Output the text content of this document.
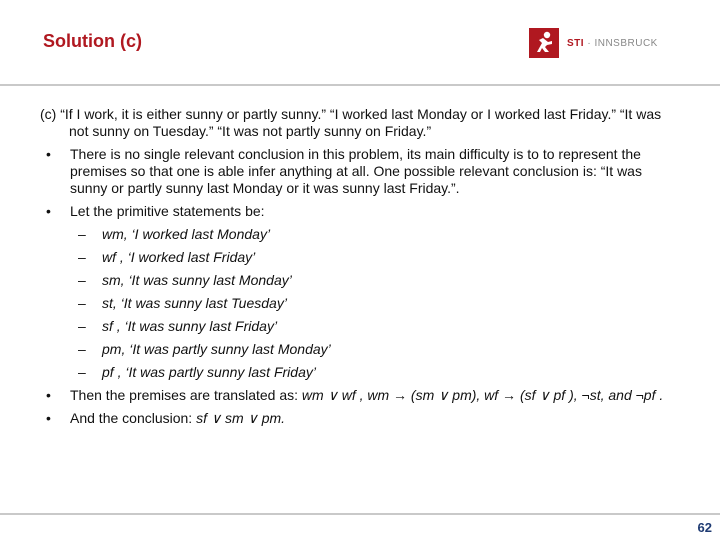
Solution (c)	STI · INNSBRUCK
(c) “If I work, it is either sunny or partly sunny.” “I worked last Monday or I worked last Friday.” “It was not sunny on Tuesday.” “It was not partly sunny on Friday.”
• There is no single relevant conclusion in this problem, its main difficulty is to to represent the premises so that one is able infer anything at all. One possible relevant conclusion is: “It was sunny or partly sunny last Monday or it was sunny last Friday.”.
• Let the primitive statements be:
– wm, ‘I worked last Monday’
– wf , ‘I worked last Friday’
– sm, ‘It was sunny last Monday’
– st, ‘It was sunny last Tuesday’
– sf , ‘It was sunny last Friday’
– pm, ‘It was partly sunny last Monday’
– pf , ‘It was partly sunny last Friday’
• Then the premises are translated as: wm ∨ wf , wm → (sm ∨ pm), wf → (sf ∨ pf ), ¬st, and ¬pf .
• And the conclusion: sf ∨ sm ∨ pm.
62
